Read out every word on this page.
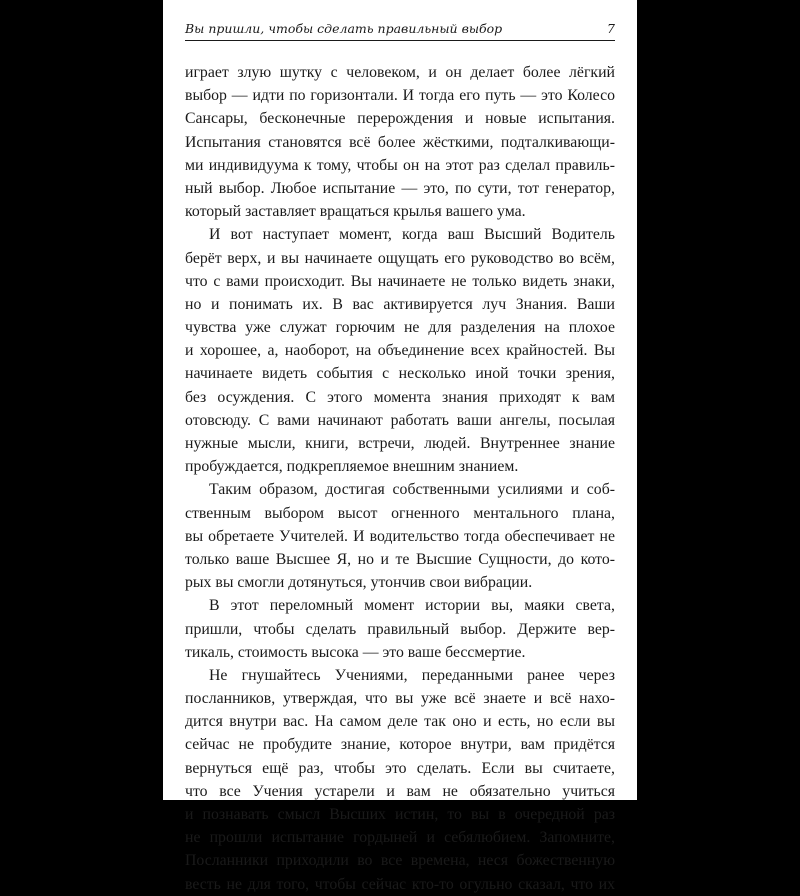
Вы пришли, чтобы сделать правильный выбор	7
играет злую шутку с человеком, и он делает более лёгкий
выбор — идти по горизонтали. И тогда его путь — это Колесо
Сансары, бесконечные перерождения и новые испытания.
Испытания становятся всё более жёсткими, подталкивающи-
ми индивидуума к тому, чтобы он на этот раз сделал правиль-
ный выбор. Любое испытание — это, по сути, тот генератор,
который заставляет вращаться крылья вашего ума.
И вот наступает момент, когда ваш Высший Водитель
берёт верх, и вы начинаете ощущать его руководство во всём,
что с вами происходит. Вы начинаете не только видеть знаки,
но и понимать их. В вас активируется луч Знания. Ваши
чувства уже служат горючим не для разделения на плохое
и хорошее, а, наоборот, на объединение всех крайностей. Вы
начинаете видеть события с несколько иной точки зрения,
без осуждения. С этого момента знания приходят к вам
отовсюду. С вами начинают работать ваши ангелы, посылая
нужные мысли, книги, встречи, людей. Внутреннее знание
пробуждается, подкрепляемое внешним знанием.
Таким образом, достигая собственными усилиями и соб-
ственным выбором высот огненного ментального плана,
вы обретаете Учителей. И водительство тогда обеспечивает не
только ваше Высшее Я, но и те Высшие Сущности, до кото-
рых вы смогли дотянуться, утончив свои вибрации.
В этот переломный момент истории вы, маяки света,
пришли, чтобы сделать правильный выбор. Держите вер-
тикаль, стоимость высока — это ваше бессмертие.
Не гнушайтесь Учениями, переданными ранее через
посланников, утверждая, что вы уже всё знаете и всё нахо-
дится внутри вас. На самом деле так оно и есть, но если вы
сейчас не пробудите знание, которое внутри, вам придётся
вернуться ещё раз, чтобы это сделать. Если вы считаете,
что все Учения устарели и вам не обязательно учиться
и познавать смысл Высших истин, то вы в очередной раз
не прошли испытание гордыней и себялюбием. Запомните,
Посланники приходили во все времена, неся божественную
весть не для того, чтобы сейчас кто-то огульно сказал, что их
